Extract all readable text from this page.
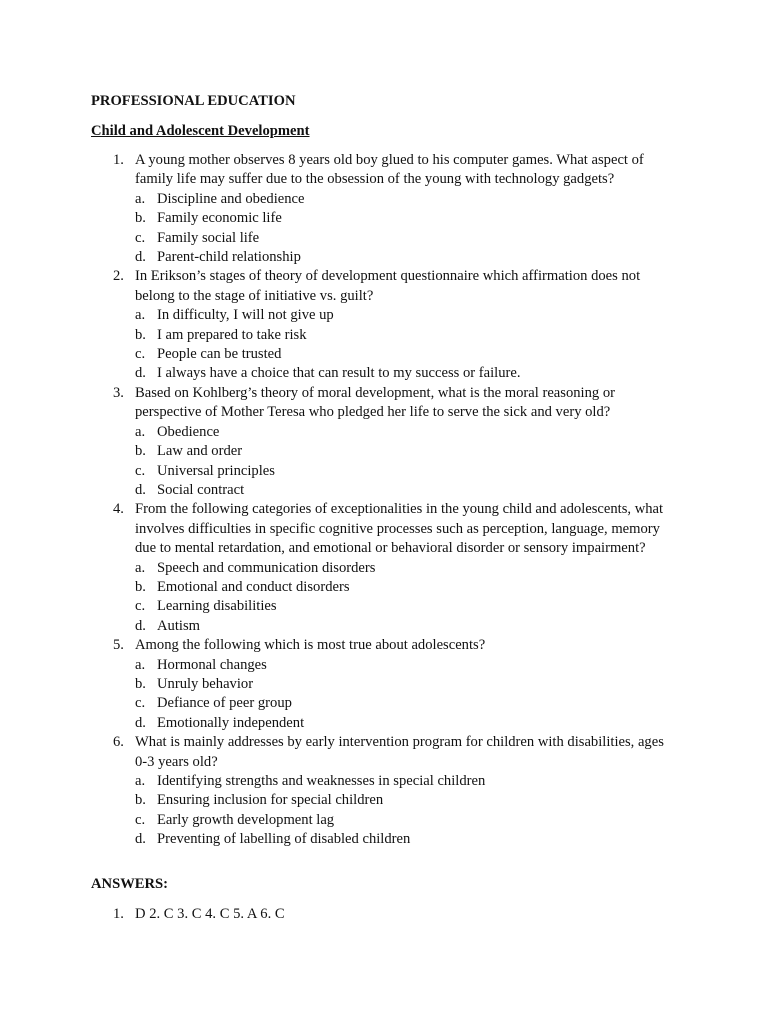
PROFESSIONAL EDUCATION
Child and Adolescent Development
1. A young mother observes 8 years old boy glued to his computer games. What aspect of family life may suffer due to the obsession of the young with technology gadgets?
a. Discipline and obedience
b. Family economic life
c. Family social life
d. Parent-child relationship
2. In Erikson’s stages of theory of development questionnaire which affirmation does not belong to the stage of initiative vs. guilt?
a. In difficulty, I will not give up
b. I am prepared to take risk
c. People can be trusted
d. I always have a choice that can result to my success or failure.
3. Based on Kohlberg’s theory of moral development, what is the moral reasoning or perspective of Mother Teresa who pledged her life to serve the sick and very old?
a. Obedience
b. Law and order
c. Universal principles
d. Social contract
4. From the following categories of exceptionalities in the young child and adolescents, what involves difficulties in specific cognitive processes such as perception, language, memory due to mental retardation, and emotional or behavioral disorder or sensory impairment?
a. Speech and communication disorders
b. Emotional and conduct disorders
c. Learning disabilities
d. Autism
5. Among the following which is most true about adolescents?
a. Hormonal changes
b. Unruly behavior
c. Defiance of peer group
d. Emotionally independent
6. What is mainly addresses by early intervention program for children with disabilities, ages 0-3 years old?
a. Identifying strengths and weaknesses in special children
b. Ensuring inclusion for special children
c. Early growth development lag
d. Preventing of labelling of disabled children
ANSWERS:
1. D 2. C 3. C 4. C 5. A 6. C
